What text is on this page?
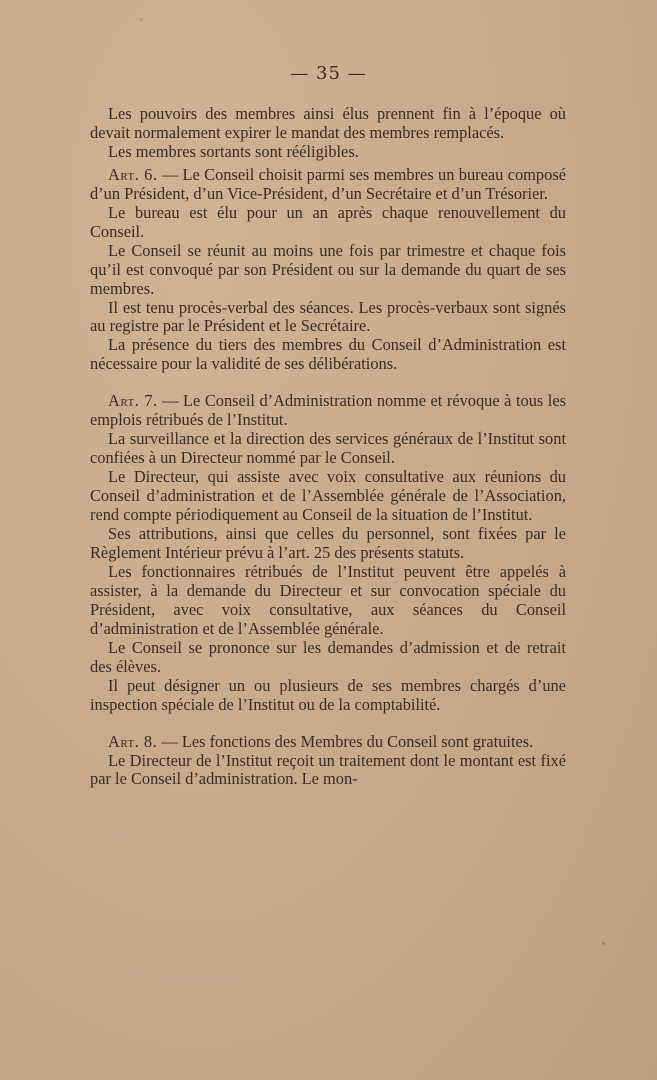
— 35 —

Les pouvoirs des membres ainsi élus prennent fin à l’époque où devait normalement expirer le mandat des membres remplacés.

Les membres sortants sont rééligibles.

Art. 6. — Le Conseil choisit parmi ses membres un bureau composé d’un Président, d’un Vice-Président, d’un Secrétaire et d’un Trésorier.

Le bureau est élu pour un an après chaque renouvellement du Conseil.

Le Conseil se réunit au moins une fois par trimestre et chaque fois qu’il est convoqué par son Président ou sur la demande du quart de ses membres.

Il est tenu procès-verbal des séances. Les procès-verbaux sont signés au registre par le Président et le Secrétaire.

La présence du tiers des membres du Conseil d’Administration est nécessaire pour la validité de ses délibérations.

Art. 7. — Le Conseil d’Administration nomme et révoque à tous les emplois rétribués de l’Institut.

La surveillance et la direction des services généraux de l’Institut sont confiées à un Directeur nommé par le Conseil.

Le Directeur, qui assiste avec voix consultative aux réunions du Conseil d’administration et de l’Assemblée générale de l’Association, rend compte périodiquement au Conseil de la situation de l’Institut.

Ses attributions, ainsi que celles du personnel, sont fixées par le Règlement Intérieur prévu à l’art. 25 des présents statuts.

Les fonctionnaires rétribués de l’Institut peuvent être appelés à assister, à la demande du Directeur et sur convocation spéciale du Président, avec voix consultative, aux séances du Conseil d’administration et de l’Assemblée générale.

Le Conseil se prononce sur les demandes d’admission et de retrait des élèves.

Il peut désigner un ou plusieurs de ses membres chargés d’une inspection spéciale de l’Institut ou de la comptabilité.

Art. 8. — Les fonctions des Membres du Conseil sont gratuites.

Le Directeur de l’Institut reçoit un traitement dont le montant est fixé par le Conseil d’administration. Le mon-
